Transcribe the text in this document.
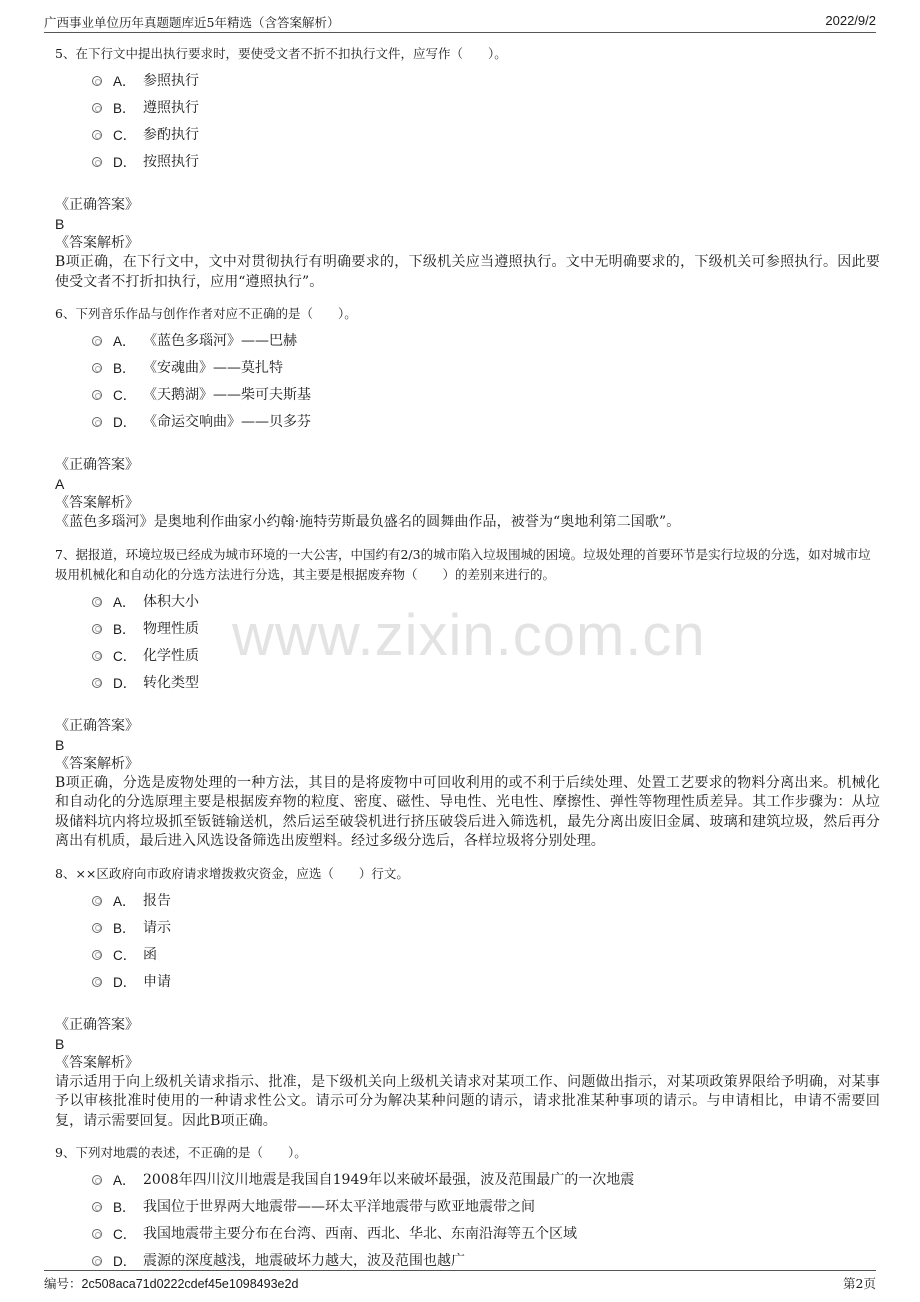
广西事业单位历年真题题库近5年精选（含答案解析）	2022/9/2
www.zixin.com.cn
5、在下行文中提出执行要求时，要使受文者不折不扣执行文件，应写作（　　）。
A． 参照执行
B． 遵照执行
C． 参酌执行
D． 按照执行
《正确答案》
B
《答案解析》
B项正确，在下行文中，文中对贯彻执行有明确要求的，下级机关应当遵照执行。文中无明确要求的，下级机关可参照执行。因此要使受文者不打折扣执行，应用“遵照执行”。
6、下列音乐作品与创作作者对应不正确的是（　　）。
A． 《蓝色多瑙河》——巴赫
B． 《安魂曲》——莫扎特
C． 《天鹅湖》——柴可夫斯基
D． 《命运交响曲》——贝多芬
《正确答案》
A
《答案解析》
《蓝色多瑙河》是奥地利作曲家小约翰·施特劳斯最负盛名的圆舞曲作品，被誉为“奥地利第二国歌”。
7、据报道，环境垃圾已经成为城市环境的一大公害，中国约有2/3的城市陷入垃圾围城的困境。垃圾处理的首要环节是实行垃圾的分选，如对城市垃圾用机械化和自动化的分选方法进行分选，其主要是根据废弃物（　　）的差别来进行的。
A． 体积大小
B． 物理性质
C． 化学性质
D． 转化类型
《正确答案》
B
《答案解析》
B项正确，分选是废物处理的一种方法，其目的是将废物中可回收利用的或不利于后续处理、处置工艺要求的物料分离出来。机械化和自动化的分选原理主要是根据废弃物的粒度、密度、磁性、导电性、光电性、摩擦性、弹性等物理性质差异。其工作步骤为：从垃圾储料坑内将垃圾抓至钣链输送机，然后运至破袋机进行挤压破袋后进入筛选机，最先分离出废旧金属、玻璃和建筑垃圾，然后再分离出有机质，最后进入风选设备筛选出废塑料。经过多级分选后，各样垃圾将分别处理。
8、××区政府向市政府请求增拨救灾资金，应选（　　）行文。
A． 报告
B． 请示
C． 函
D． 申请
《正确答案》
B
《答案解析》
请示适用于向上级机关请求指示、批准，是下级机关向上级机关请求对某项工作、问题做出指示，对某项政策界限给予明确，对某事予以审核批准时使用的一种请求性公文。请示可分为解决某种问题的请示，请求批准某种事项的请示。与申请相比，申请不需要回复，请示需要回复。因此B项正确。
9、下列对地震的表述，不正确的是（　　）。
A． 2008年四川汶川地震是我国自1949年以来破坏最强，波及范围最广的一次地震
B． 我国位于世界两大地震带——环太平洋地震带与欧亚地震带之间
C． 我国地震带主要分布在台湾、西南、西北、华北、东南沿海等五个区域
D． 震源的深度越浅，地震破坏力越大，波及范围也越广
编号：2c508aca71d0222cdef45e1098493e2d	第2页
